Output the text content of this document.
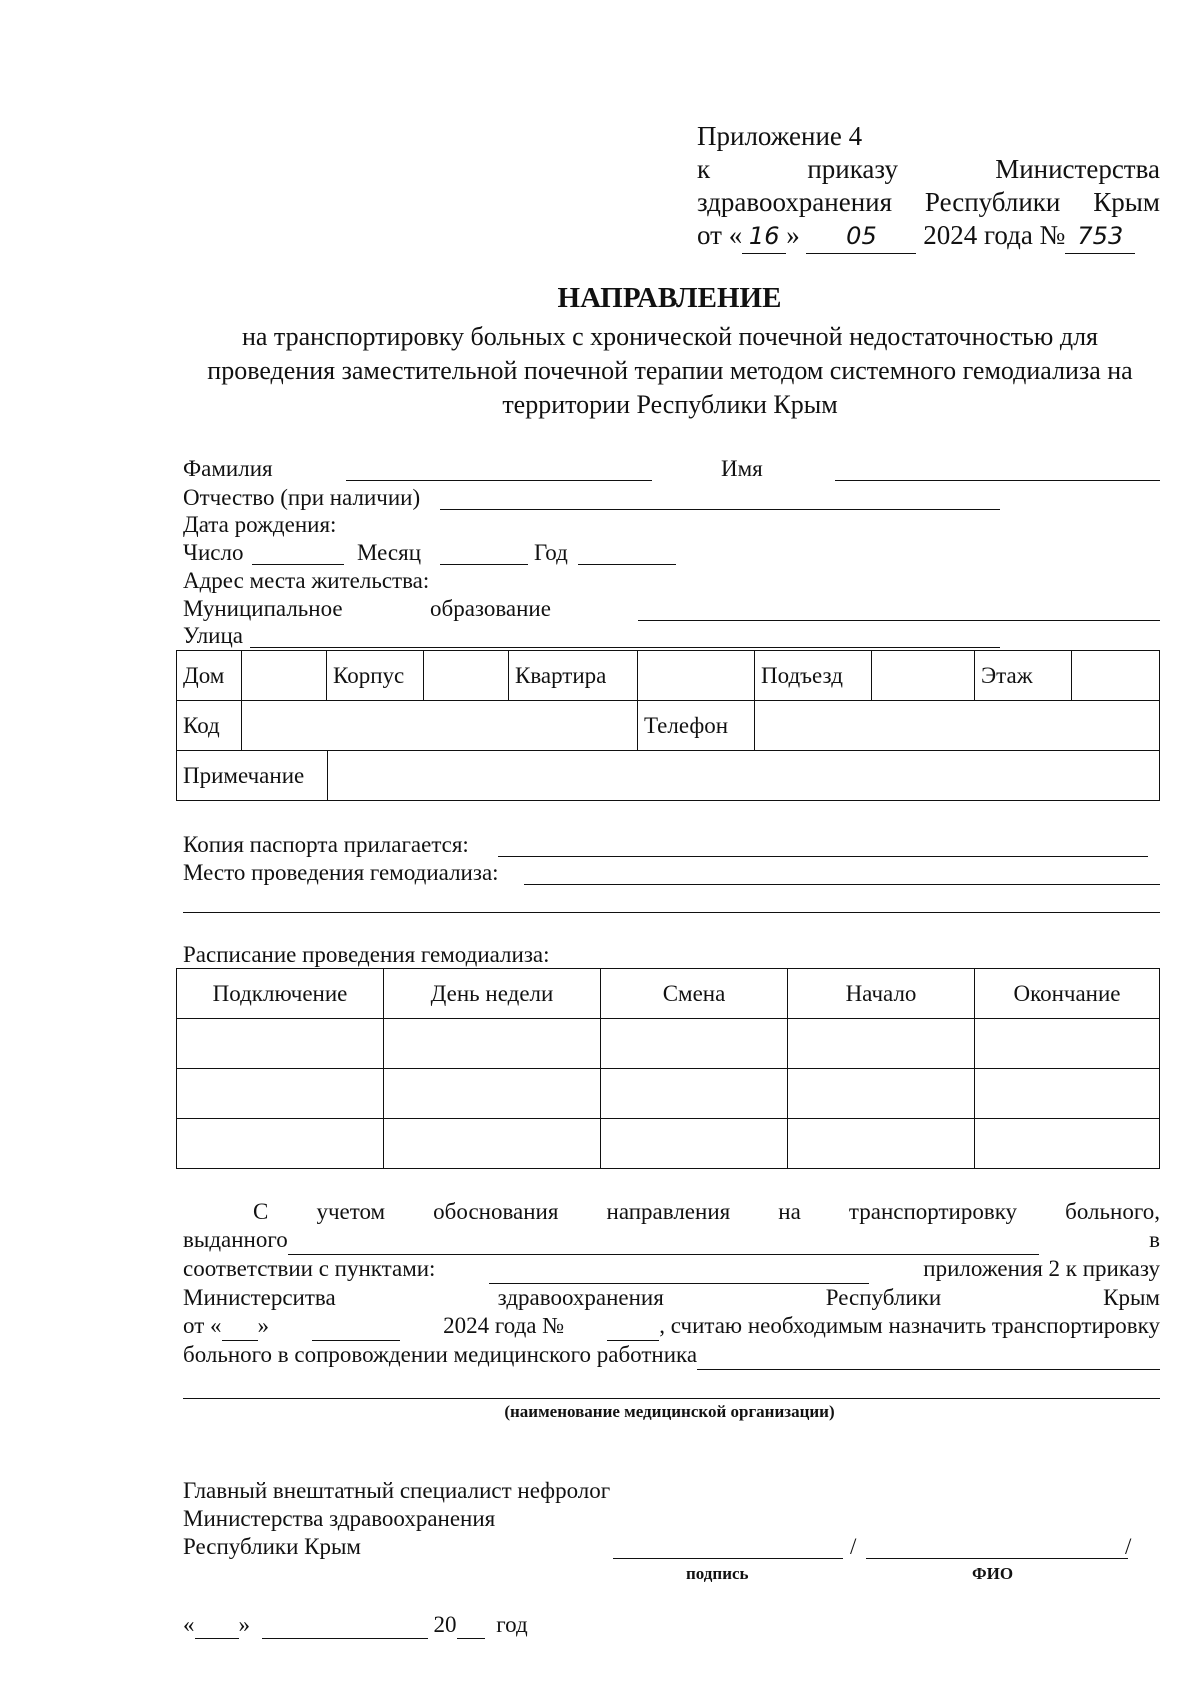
Приложение 4
к	приказу	Министерства
здравоохранения Республики Крым
от « 16 » 05 2024 года № 753
НАПРАВЛЕНИЕ
на транспортировку больных с хронической почечной недостаточностью для проведения заместительной почечной терапии методом системного гемодиализа на территории Республики Крым
Фамилия	Имя
Отчество (при наличии)
Дата рождения:
Число	Месяц	Год
Адрес места жительства:
Муниципальное	образование
Улица
Дом		Корпус		Квартира		Подъезд		Этаж	
Код					Телефон				
Примечание	
Копия паспорта прилагается:
Место проведения гемодиализа:
Расписание проведения гемодиализа:
Подключение	День недели	Смена	Начало	Окончание

С учетом обоснования направления на транспортировку больного,
выданного
	в
соответствии с пунктами:
	приложения 2 к приказу
Министерситва	здравоохранения	Республики	Крым
от « »
	2024 года №	, считаю необходимым назначить транспортировку
больного в сопровождении медицинского работника

(наименование медицинской организации)
Главный внештатный специалист нефролог
Министерства здравоохранения
Республики Крым	/	/
подпись	ФИО
« »	20 год
